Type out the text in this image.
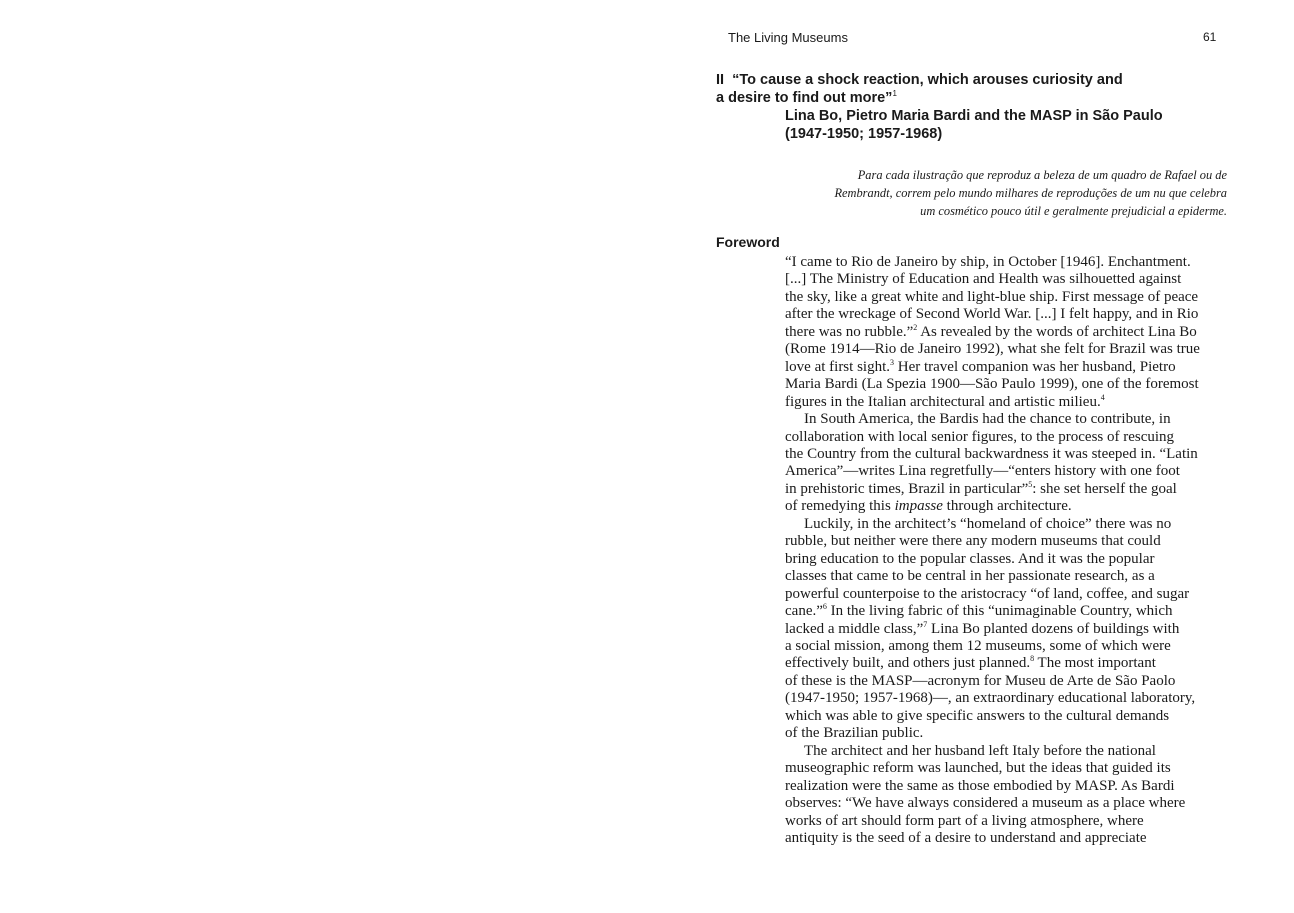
The Living Museums	61
II “To cause a shock reaction, which arouses curiosity and
a desire to find out more”$^1$
Lina Bo, Pietro Maria Bardi and the MASP in São Paulo
(1947-1950; 1957-1968)
Para cada ilustração que reproduz a beleza de um quadro de Rafael ou de
Rembrandt, correm pelo mundo milhares de reproduções de um nu que celebra
um cosmético pouco útil e geralmente prejudicial a epiderme.
Foreword
“I came to Rio de Janeiro by ship, in October [1946]. Enchantment.
[...] The Ministry of Education and Health was silhouetted against
the sky, like a great white and light-blue ship. First message of peace
after the wreckage of Second World War. [...] I felt happy, and in Rio
there was no rubble.”$^2$ As revealed by the words of architect Lina Bo
(Rome 1914—Rio de Janeiro 1992), what she felt for Brazil was true
love at first sight.$^3$ Her travel companion was her husband, Pietro
Maria Bardi (La Spezia 1900—São Paulo 1999), one of the foremost
figures in the Italian architectural and artistic milieu.$^4$
In South America, the Bardis had the chance to contribute, in
collaboration with local senior figures, to the process of rescuing
the Country from the cultural backwardness it was steeped in. “Latin
America”—writes Lina regretfully—“enters history with one foot
in prehistoric times, Brazil in particular”$^5$: she set herself the goal
of remedying this impasse through architecture.
Luckily, in the architect’s “homeland of choice” there was no
rubble, but neither were there any modern museums that could
bring education to the popular classes. And it was the popular
classes that came to be central in her passionate research, as a
powerful counterpoise to the aristocracy “of land, coffee, and sugar
cane.”$^6$ In the living fabric of this “unimaginable Country, which
lacked a middle class,”$^7$ Lina Bo planted dozens of buildings with
a social mission, among them 12 museums, some of which were
effectively built, and others just planned.$^8$ The most important
of these is the MASP—acronym for Museu de Arte de São Paolo
(1947-1950; 1957-1968)—, an extraordinary educational laboratory,
which was able to give specific answers to the cultural demands
of the Brazilian public.
The architect and her husband left Italy before the national
museographic reform was launched, but the ideas that guided its
realization were the same as those embodied by MASP. As Bardi
observes: “We have always considered a museum as a place where
works of art should form part of a living atmosphere, where
antiquity is the seed of a desire to understand and appreciate
